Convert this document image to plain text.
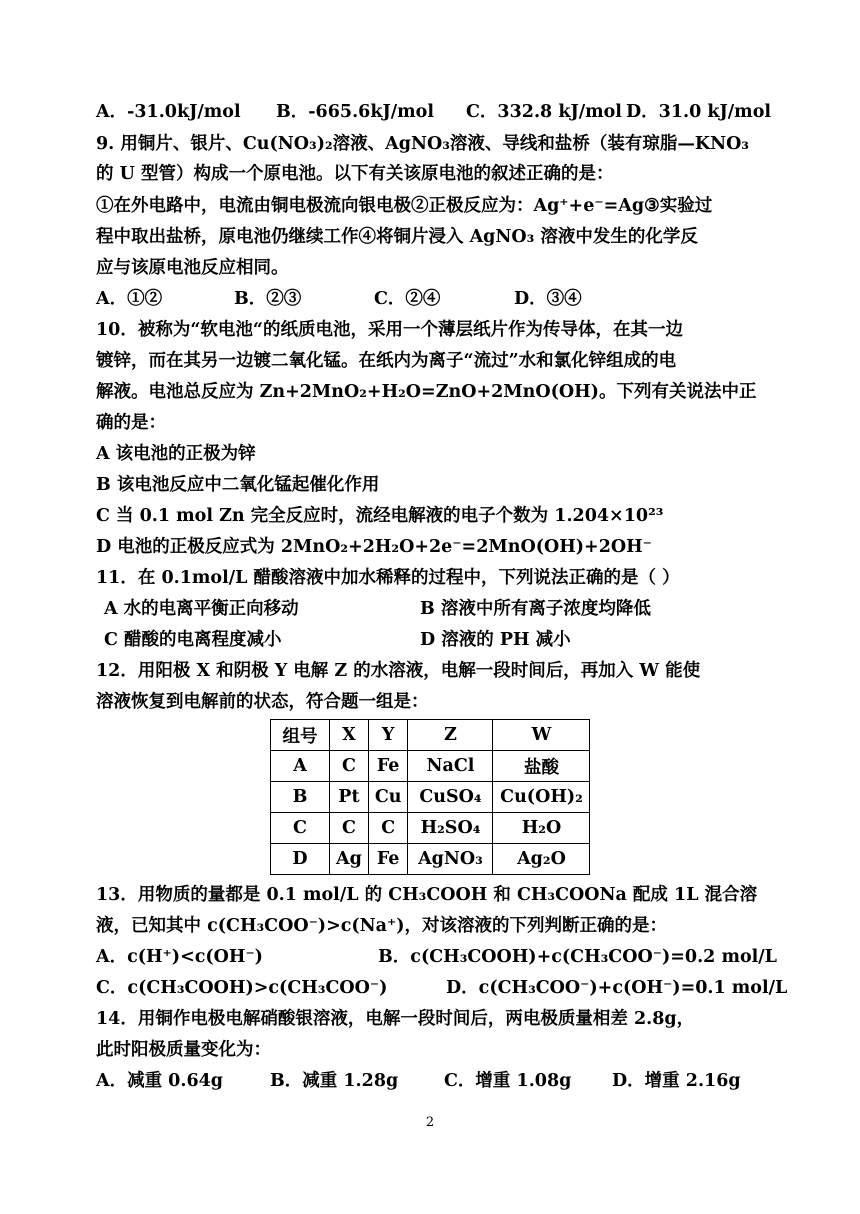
A．-31.0kJ/mol B．-665.6kJ/mol C．332.8 kJ/mol D．31.0 kJ/mol
9. 用铜片、银片、Cu(NO₃)₂溶液、AgNO₃溶液、导线和盐桥（装有琼脂—KNO₃
的 U 型管）构成一个原电池。以下有关该原电池的叙述正确的是：
①在外电路中，电流由铜电极流向银电极②正极反应为：Ag⁺+e⁻=Ag③实验过
程中取出盐桥，原电池仍继续工作④将铜片浸入 AgNO₃ 溶液中发生的化学反
应与该原电池反应相同。
A．①②	B．②③	C．②④	D．③④
10．被称为“软电池“的纸质电池，采用一个薄层纸片作为传导体，在其一边
镀锌，而在其另一边镀二氧化锰。在纸内为离子“流过”水和氯化锌组成的电
解液。电池总反应为 Zn+2MnO₂+H₂O=ZnO+2MnO(OH)。下列有关说法中正
确的是：
A 该电池的正极为锌
B 该电池反应中二氧化锰起催化作用
C 当 0.1 mol Zn 完全反应时，流经电解液的电子个数为 1.204×10²³
D 电池的正极反应式为 2MnO₂+2H₂O+2e⁻=2MnO(OH)+2OH⁻
11．在 0.1mol/L 醋酸溶液中加水稀释的过程中，下列说法正确的是（ ）
A 水的电离平衡正向移动	B 溶液中所有离子浓度均降低
C 醋酸的电离程度减小	D 溶液的 PH 减小
12．用阳极 X 和阴极 Y 电解 Z 的水溶液，电解一段时间后，再加入 W 能使
溶液恢复到电解前的状态，符合题一组是：
组号	X	Y	Z	W
A	C	Fe	NaCl	盐酸
B	Pt	Cu	CuSO₄	Cu(OH)₂
C	C	C	H₂SO₄	H₂O
D	Ag	Fe	AgNO₃	Ag₂O
13．用物质的量都是 0.1 mol/L 的 CH₃COOH 和 CH₃COONa 配成 1L 混合溶
液，已知其中 c(CH₃COO⁻)>c(Na⁺)，对该溶液的下列判断正确的是：
A．c(H⁺)<c(OH⁻)	B．c(CH₃COOH)+c(CH₃COO⁻)=0.2 mol/L
C．c(CH₃COOH)>c(CH₃COO⁻)	D．c(CH₃COO⁻)+c(OH⁻)=0.1 mol/L
14．用铜作电极电解硝酸银溶液，电解一段时间后，两电极质量相差 2.8g，
此时阳极质量变化为：
A．减重 0.64g	B．减重 1.28g	C．增重 1.08g D．增重 2.16g
2
